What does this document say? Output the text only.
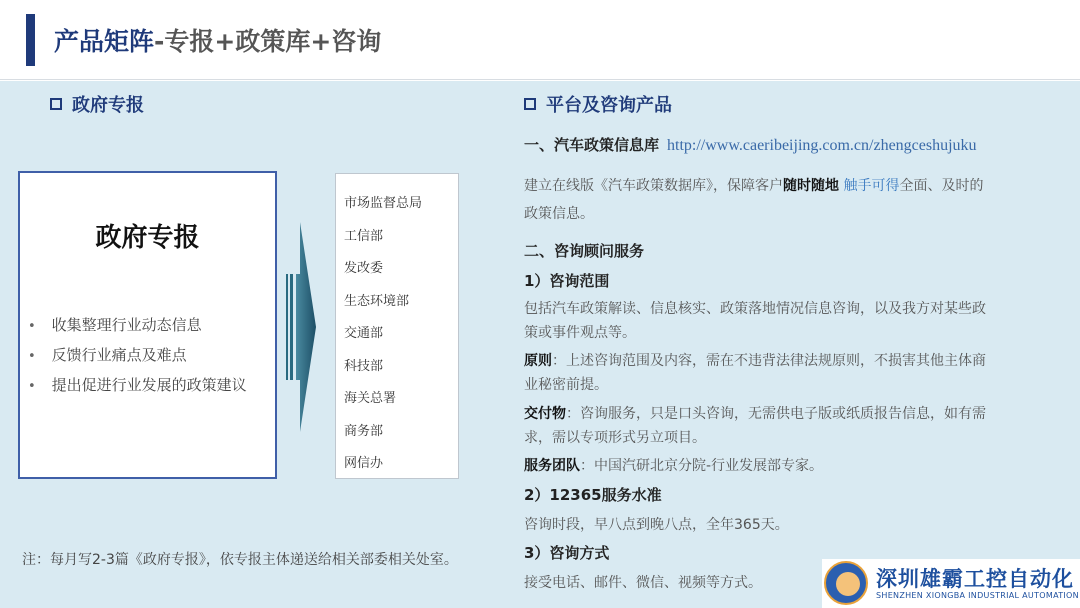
产品矩阵-专报+政策库+咨询
政府专报
政府专报
• 收集整理行业动态信息
• 反馈行业痛点及难点
• 提出促进行业发展的政策建议
市场监督总局
工信部
发改委
生态环境部
交通部
科技部
海关总署
商务部
网信办
注：每月写2-3篇《政府专报》，依专报主体递送给相关部委相关处室。
平台及咨询产品
一、汽车政策信息库 http://www.caeribeijing.com.cn/zhengceshujuku
建立在线版《汽车政策数据库》，保障客户随时随地 触手可得全面、及时的
政策信息。
二、咨询顾问服务
1）咨询范围
包括汽车政策解读、信息核实、政策落地情况信息咨询，以及我方对某些政
策或事件观点等。
原则：上述咨询范围及内容，需在不违背法律法规原则，不损害其他主体商
业秘密前提。
交付物：咨询服务，只是口头咨询，无需供电子版或纸质报告信息，如有需
求，需以专项形式另立项目。
服务团队：中国汽研北京分院-行业发展部专家。
2）12365服务水准
咨询时段，早八点到晚八点，全年365天。
3）咨询方式
接受电话、邮件、微信、视频等方式。	深圳雄霸工控自动化
SHENZHEN XIONGBA INDUSTRIAL AUTOMATION
